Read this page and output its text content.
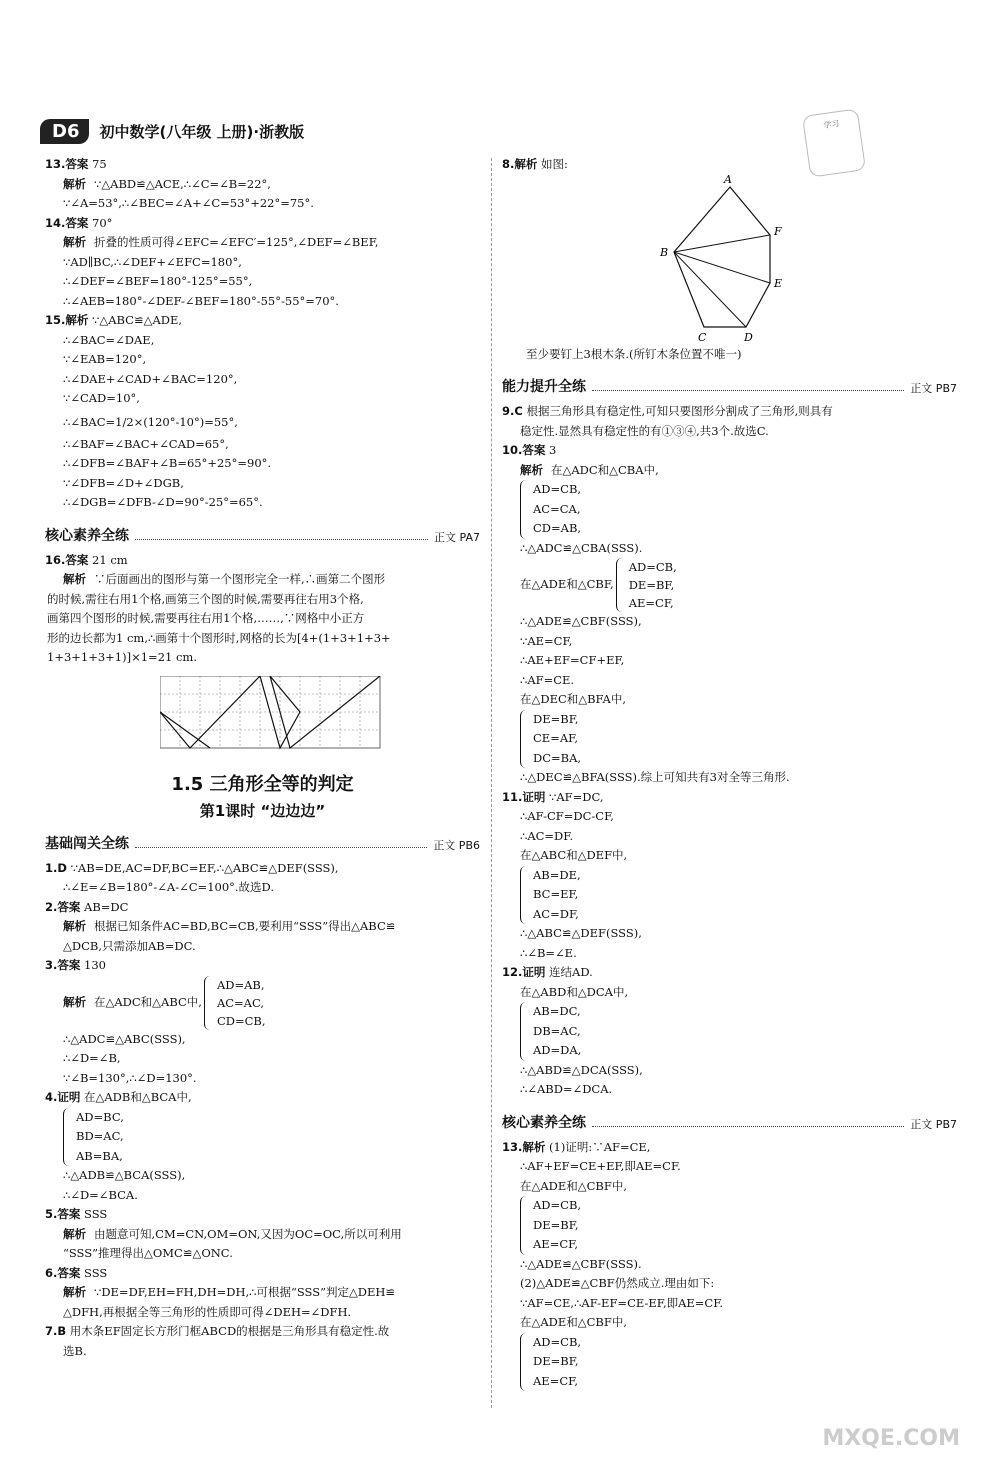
D6	初中数学(八年级 上册)·浙教版	学习
13.答案 75
解析 ∵△ABD≌△ACE,∴∠C=∠B=22°,
∵∠A=53°,∴∠BEC=∠A+∠C=53°+22°=75°.
14.答案 70°
解析 折叠的性质可得∠EFC=∠EFC′=125°,∠DEF=∠BEF,
∵AD∥BC,∴∠DEF+∠EFC=180°,
∴∠DEF=∠BEF=180°-125°=55°,
∴∠AEB=180°-∠DEF-∠BEF=180°-55°-55°=70°.
15.解析 ∵△ABC≌△ADE,
∴∠BAC=∠DAE,
∵∠EAB=120°,
∴∠DAE+∠CAD+∠BAC=120°,
∵∠CAD=10°,
∴∠BAC=1/2×(120°-10°)=55°,
∴∠BAF=∠BAC+∠CAD=65°,
∴∠DFB=∠BAF+∠B=65°+25°=90°.
∵∠DFB=∠D+∠DGB,
∴∠DGB=∠DFB-∠D=90°-25°=65°.
核心素养全练	正文 PA7
16.答案 21 cm
解析 ∵后面画出的图形与第一个图形完全一样,∴画第二个图形
的时候,需往右用1个格,画第三个图的时候,需要再往右用3个格,
画第四个图形的时候,需要再往右用1个格,……,∵网格中小正方
形的边长都为1 cm,∴画第十个图形时,网格的长为[4+(1+3+1+3+
1+3+1+3+1)]×1=21 cm.
1.5 三角形全等的判定
第1课时 “边边边”
基础闯关全练	正文 PB6
1.D ∵AB=DE,AC=DF,BC=EF,∴△ABC≌△DEF(SSS),
∴∠E=∠B=180°-∠A-∠C=100°.故选D.
2.答案 AB=DC
解析 根据已知条件AC=BD,BC=CB,要利用“SSS”得出△ABC≌
△DCB,只需添加AB=DC.
3.答案 130
解析 在△ADC和△ABC中,
AD=AB,
AC=AC,
CD=CB,
∴△ADC≌△ABC(SSS),
∴∠D=∠B,
∵∠B=130°,∴∠D=130°.
4.证明 在△ADB和△BCA中,
AD=BC,
BD=AC,
AB=BA,
∴△ADB≌△BCA(SSS),
∴∠D=∠BCA.
5.答案 SSS
解析 由题意可知,CM=CN,OM=ON,又因为OC=OC,所以可利用
“SSS”推理得出△OMC≌△ONC.
6.答案 SSS
解析 ∵DE=DF,EH=FH,DH=DH,∴可根据“SSS”判定△DEH≌
△DFH,再根据全等三角形的性质即可得∠DEH=∠DFH.
7.B 用木条EF固定长方形门框ABCD的根据是三角形具有稳定性.故
选B.
8.解析 如图:
A
F
B
E
C	D
至少要钉上3根木条.(所钉木条位置不唯一)
能力提升全练	正文 PB7
9.C 根据三角形具有稳定性,可知只要图形分割成了三角形,则具有
稳定性.显然具有稳定性的有①③④,共3个.故选C.
10.答案 3
解析 在△ADC和△CBA中,
AD=CB,
AC=CA,
CD=AB,
∴△ADC≌△CBA(SSS).
在△ADE和△CBF,
AD=CB,
DE=BF,
AE=CF,
∴△ADE≌△CBF(SSS),
∵AE=CF,
∴AE+EF=CF+EF,
∴AF=CE.
在△DEC和△BFA中,
DE=BF,
CE=AF,
DC=BA,
∴△DEC≌△BFA(SSS).综上可知共有3对全等三角形.
11.证明 ∵AF=DC,
∴AF-CF=DC-CF,
∴AC=DF.
在△ABC和△DEF中,
AB=DE,
BC=EF,
AC=DF,
∴△ABC≌△DEF(SSS),
∴∠B=∠E.
12.证明 连结AD.
在△ABD和△DCA中,
AB=DC,
DB=AC,
AD=DA,
∴△ABD≌△DCA(SSS),
∴∠ABD=∠DCA.
核心素养全练	正文 PB7
13.解析 (1)证明:∵AF=CE,
∴AF+EF=CE+EF,即AE=CF.
在△ADE和△CBF中,
AD=CB,
DE=BF,
AE=CF,
∴△ADE≌△CBF(SSS).
(2)△ADE≌△CBF仍然成立.理由如下:
∵AF=CE,∴AF-EF=CE-EF,即AE=CF.
在△ADE和△CBF中,
AD=CB,
DE=BF,
AE=CF,
MXQE.COM
